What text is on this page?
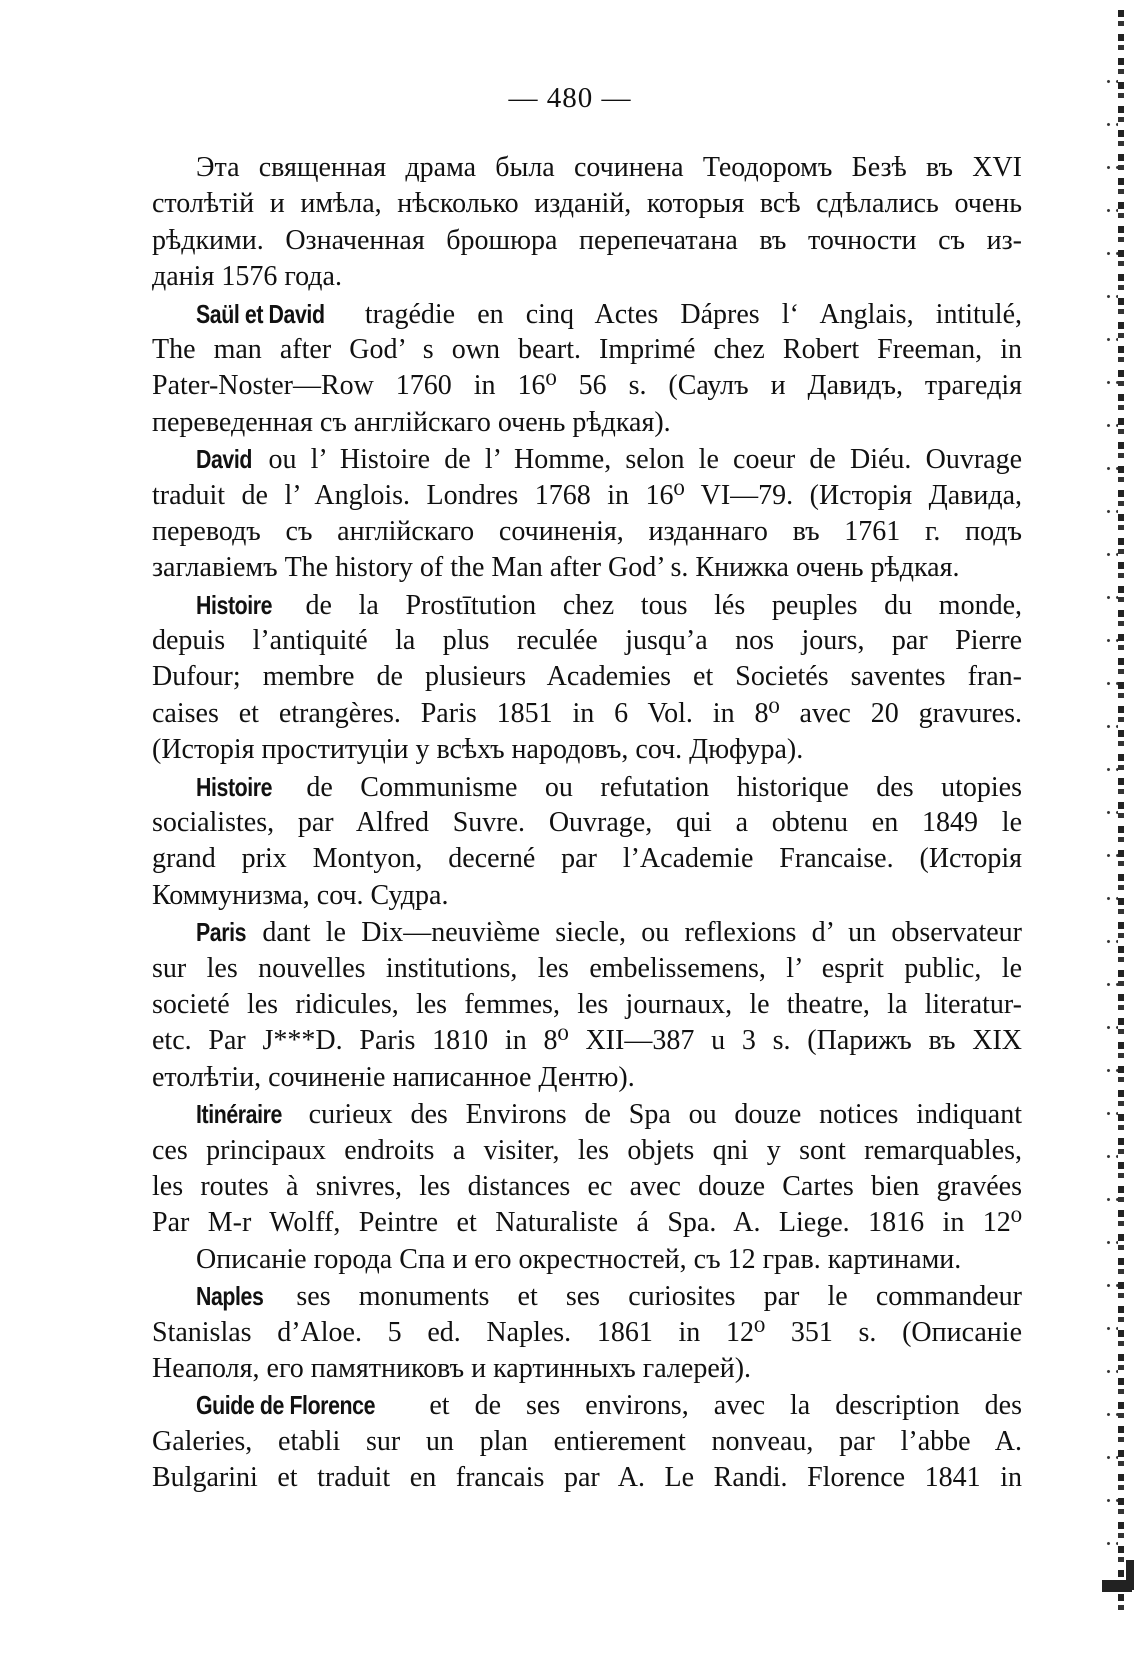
— 480 —
Эта священная драма была сочинена Теодоромъ Безѣ въ XVI
столѣтій и имѣла, нѣсколько изданій, которыя всѣ сдѣлались очень
рѣдкими. Означенная брошюра перепечатана въ точности съ из-
данія 1576 года.
Saül et David tragédie en cinq Actes Dápres l‘ Anglais, intitulé,
The man after God’ s own beart. Imprimé chez Robert Freeman, in
Pater-Noster—Row 1760 in 16⁰ 56 s. (Саулъ и Давидъ, трагедія
переведенная съ англійскаго очень рѣдкая).
David ou l’ Histoire de l’ Homme, selon le coeur de Diéu. Ouvrage
traduit de l’ Anglois. Londres 1768 in 16⁰ VI—79. (Исторія Давида,
переводъ съ англійскаго сочиненія, изданнаго въ 1761 г. подъ
заглавіемъ The history of the Man after God’ s. Книжка очень рѣдкая.
Histoire de la Prostītution chez tous lés peuples du monde,
depuis l’antiquité la plus reculée jusqu’a nos jours, par Pierre
Dufour; membre de plusieurs Academies et Societés saventes fran-
caises et etrangères. Paris 1851 in 6 Vol. in 8⁰ avec 20 gravures.
(Исторія проституціи у всѣхъ народовъ, соч. Дюфура).
Histoire de Communisme ou refutation historique des utopies
socialistes, par Alfred Suvre. Ouvrage, qui a obtenu en 1849 le
grand prix Montyon, decerné par l’Academie Francaise. (Исторія
Коммунизма, соч. Судра.
Paris dant le Dix—neuvième siecle, ou reflexions d’ un observateur
sur les nouvelles institutions, les embelissemens, l’ esprit public, le
societé les ridicules, les femmes, les journaux, le theatre, la literatur-
etc. Par J***D. Paris 1810 in 8⁰ XII—387 u 3 s. (Парижъ въ XIX
етолѣтіи, сочиненіе написанное Дентю).
Itinéraire curieux des Environs de Spa ou douze notices indiquant
ces principaux endroits a visiter, les objets qni y sont remarquables,
les routes à snivres, les distances ec avec douze Cartes bien gravées
Par M-r Wolff, Peintre et Naturaliste á Spa. A. Liege. 1816 in 12⁰
Описаніе города Спа и его окрестностей, съ 12 грав. картинами.
Naples ses monuments et ses curiosites par le commandeur
Stanislas d’Aloe. 5 ed. Naples. 1861 in 12⁰ 351 s. (Описаніе
Неаполя, его памятниковъ и картинныхъ галерей).
Guide de Florence et de ses environs, avec la description des
Galeries, etabli sur un plan entierement nonveau, par l’abbe A.
Bulgarini et traduit en francais par A. Le Randi. Florence 1841 in
